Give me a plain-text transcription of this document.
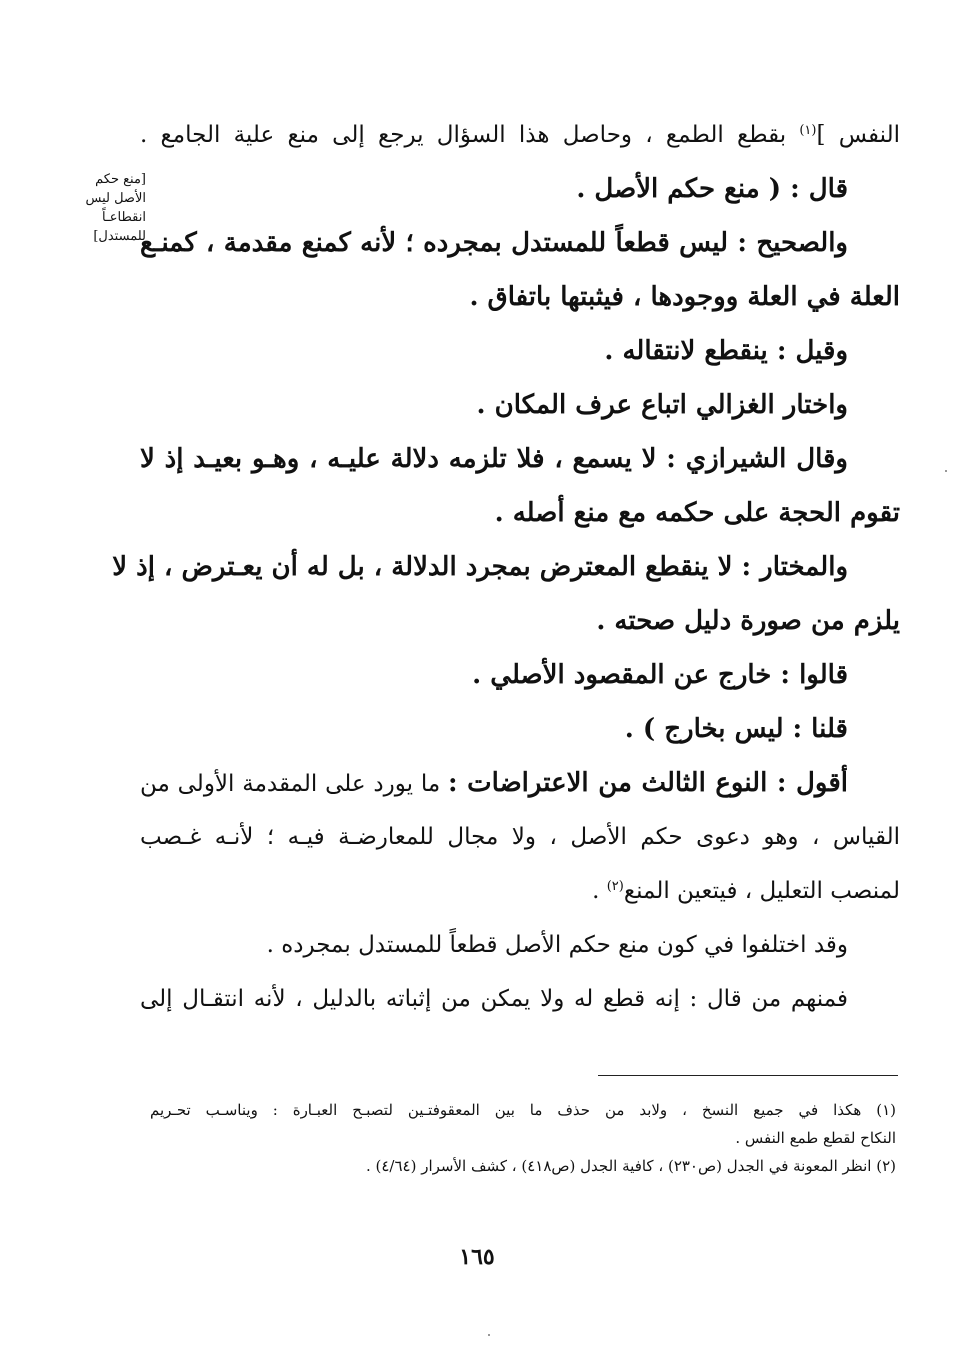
النفس ]$^{(١)}$ بقطع الطمع ، وحاصل هذا السؤال يرجع إلى منع علية الجامع .
قال : ( منع حكم الأصل .
والصحيح : ليس قطعاً للمستدل بمجرده ؛ لأنه كمنع مقدمة ، كمنـع
العلة في العلة ووجودها ، فيثبتها باتفاق .
وقيل : ينقطع لانتقاله .
واختار الغزالي اتباع عرف المكان .
وقال الشيرازي : لا يسمع ، فلا تلزمه دلالة عليـه ، وهـو بعيـد إذ لا
تقوم الحجة على حكمه مع منع أصله .
والمختار : لا ينقطع المعترض بمجرد الدلالة ، بل له أن يعـترض ، إذ لا
يلزم من صورة دليل صحته .
قالوا : خارج عن المقصود الأصلي .
قلنا : ليس بخارج ) .
أقول : النوع الثالث من الاعتراضات : ما يورد على المقدمة الأولى من
القياس ، وهو دعوى حكم الأصل ، ولا مجال للمعارضـة فيـه ؛ لأنـه غـصب
لمنصب التعليل ، فيتعين المنع$^{(٢)}$ .
وقد اختلفوا في كون منع حكم الأصل قطعاً للمستدل بمجرده .
فمنهم من قال : إنه قطع له ولا يمكن من إثباته بالدليل ، لأنه انتقـال إلى
[منع حكم
الأصل ليس
انقطاعـاً
للمستدل]
(١) هكذا في جميع النسخ ، ولابد من حذف ما بين المعقوفتـين لتصبـح العبـارة : ويناسـب تحـريم
النكاح لقطع طمع النفس .
(٢) انظر المعونة في الجدل (ص٢٣٠) ، كافية الجدل (ص٤١٨) ، كشف الأسرار (٤/٦٤) .
١٦٥
